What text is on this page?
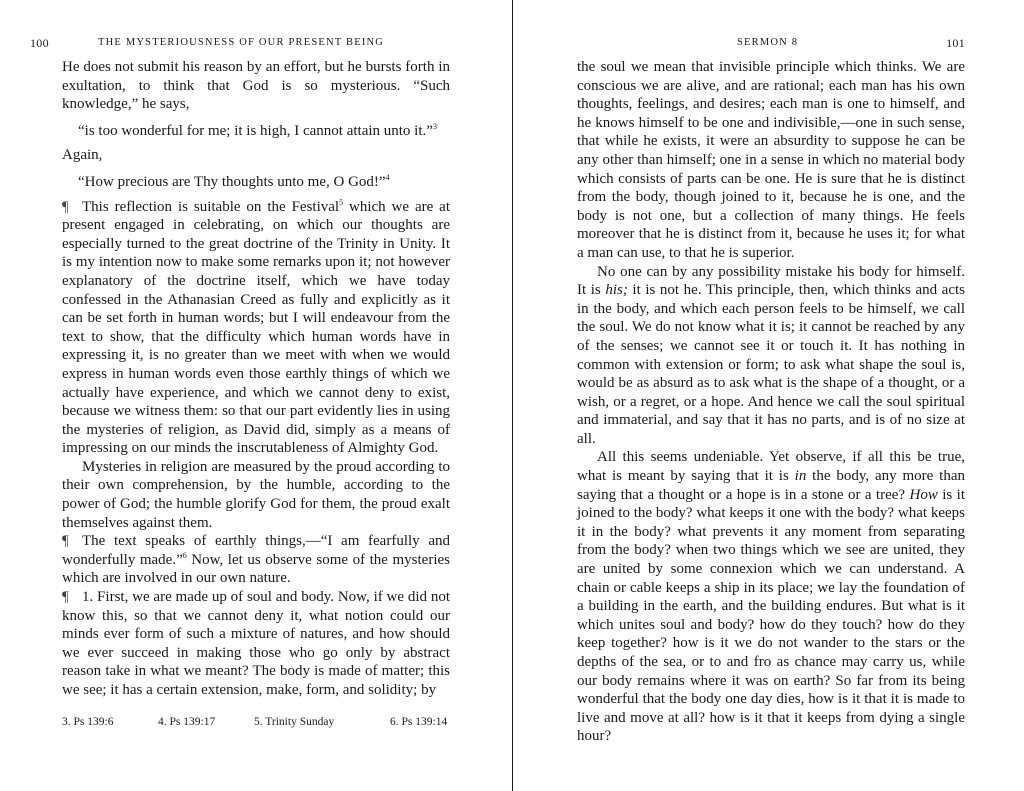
100	THE MYSTERIOUSNESS OF OUR PRESENT BEING

He does not submit his reason by an effort, but he bursts forth in exultation, to think that God is so mysterious. “Such knowledge,” he says,

“is too wonderful for me; it is high, I cannot attain unto it.”$^3$

Again,

“How precious are Thy thoughts unto me, O God!”$^4$

¶ This reflection is suitable on the Festival$^5$ which we are at present engaged in celebrating, on which our thoughts are especially turned to the great doctrine of the Trinity in Unity. It is my intention now to make some remarks upon it; not however explanatory of the doctrine itself, which we have today confessed in the Athanasian Creed as fully and explicitly as it can be set forth in human words; but I will endeavour from the text to show, that the difficulty which human words have in expressing it, is no greater than we meet with when we would express in human words even those earthly things of which we actually have experience, and which we cannot deny to exist, because we witness them: so that our part evidently lies in using the mysteries of religion, as David did, simply as a means of impressing on our minds the inscrutableness of Almighty God.

Mysteries in religion are measured by the proud according to their own comprehension, by the humble, according to the power of God; the humble glorify God for them, the proud exalt themselves against them.

¶ The text speaks of earthly things,—“I am fearfully and wonderfully made.”$^6$ Now, let us observe some of the mysteries which are involved in our own nature.

¶ 1. First, we are made up of soul and body. Now, if we did not know this, so that we cannot deny it, what notion could our minds ever form of such a mixture of natures, and how should we ever succeed in making those who go only by abstract reason take in what we meant? The body is made of matter; this we see; it has a certain extension, make, form, and solidity; by

3. Ps 139:6	4. Ps 139:17	5. Trinity Sunday	6. Ps 139:14
SERMON 8	101

the soul we mean that invisible principle which thinks. We are conscious we are alive, and are rational; each man has his own thoughts, feelings, and desires; each man is one to himself, and he knows himself to be one and indivisible,—one in such sense, that while he exists, it were an absurdity to suppose he can be any other than himself; one in a sense in which no material body which consists of parts can be one. He is sure that he is distinct from the body, though joined to it, because he is one, and the body is not one, but a collection of many things. He feels moreover that he is distinct from it, because he uses it; for what a man can use, to that he is superior.

No one can by any possibility mistake his body for himself. It is his; it is not he. This principle, then, which thinks and acts in the body, and which each person feels to be himself, we call the soul. We do not know what it is; it cannot be reached by any of the senses; we cannot see it or touch it. It has nothing in common with extension or form; to ask what shape the soul is, would be as absurd as to ask what is the shape of a thought, or a wish, or a regret, or a hope. And hence we call the soul spiritual and immaterial, and say that it has no parts, and is of no size at all.

All this seems undeniable. Yet observe, if all this be true, what is meant by saying that it is in the body, any more than saying that a thought or a hope is in a stone or a tree? How is it joined to the body? what keeps it one with the body? what keeps it in the body? what prevents it any moment from separating from the body? when two things which we see are united, they are united by some connexion which we can understand. A chain or cable keeps a ship in its place; we lay the foundation of a building in the earth, and the building endures. But what is it which unites soul and body? how do they touch? how do they keep together? how is it we do not wander to the stars or the depths of the sea, or to and fro as chance may carry us, while our body remains where it was on earth? So far from its being wonderful that the body one day dies, how is it that it is made to live and move at all? how is it that it keeps from dying a single hour?
